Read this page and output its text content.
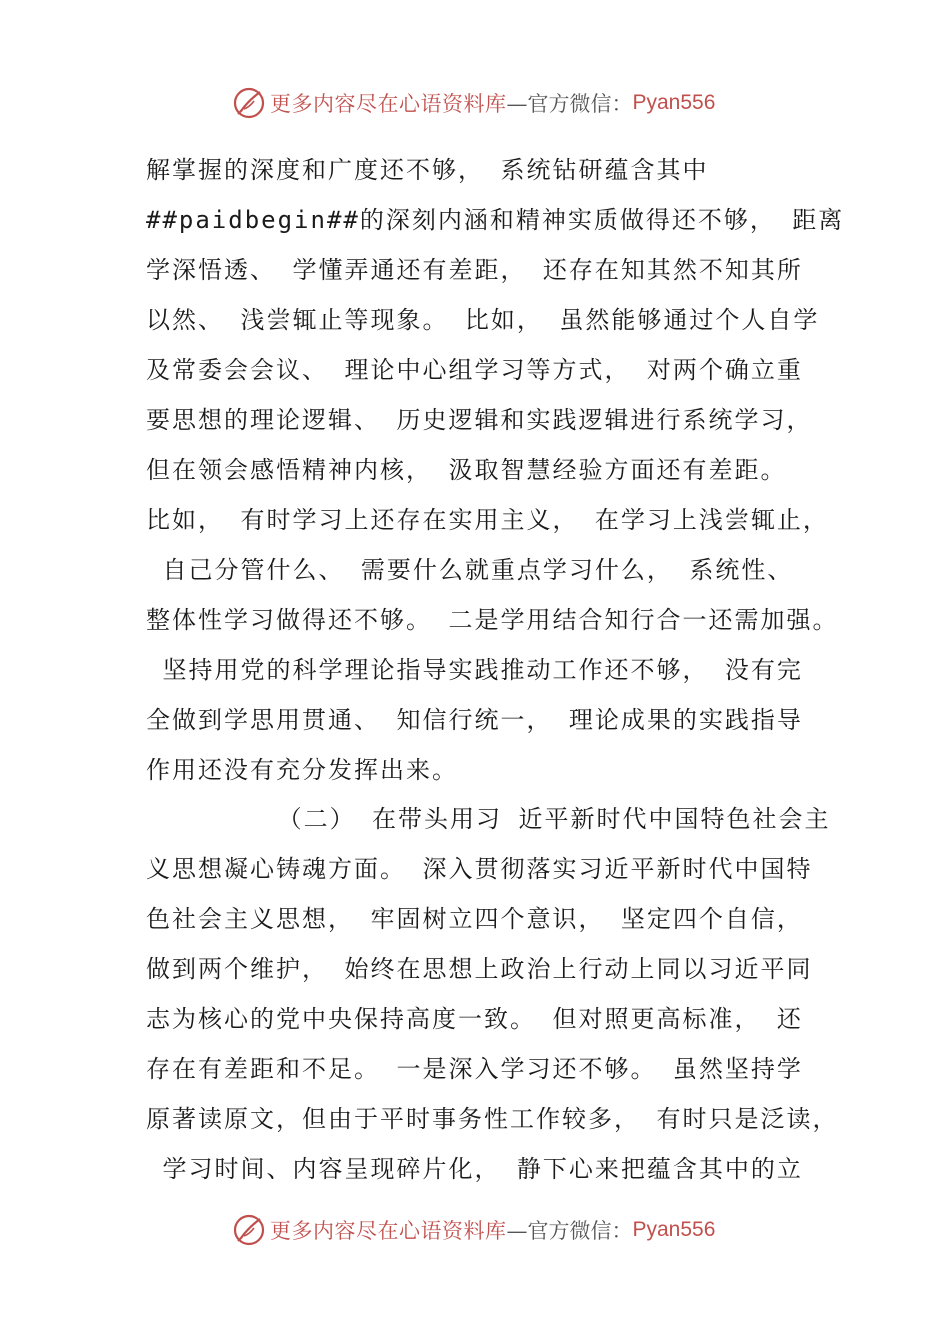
更多内容尽在心语资料库 —官方微信： Pyan556
解掌握的深度和广度还不够， 系统钻研蕴含其中
##paidbegin##的深刻内涵和精神实质做得还不够， 距离
学深悟透、 学懂弄通还有差距， 还存在知其然不知其所
以然、 浅尝辄止等现象。 比如， 虽然能够通过个人自学
及常委会会议、 理论中心组学习等方式， 对两个确立重
要思想的理论逻辑、 历史逻辑和实践逻辑进行系统学习，
但在领会感悟精神内核， 汲取智慧经验方面还有差距。
比如， 有时学习上还存在实用主义， 在学习上浅尝辄止，
自己分管什么、 需要什么就重点学习什么， 系统性、
整体性学习做得还不够。 二是学用结合知行合一还需加强。
坚持用党的科学理论指导实践推动工作还不够， 没有完
全做到学思用贯通、 知信行统一， 理论成果的实践指导
作用还没有充分发挥出来。
（二） 在带头用习 近平新时代中国特色社会主
义思想凝心铸魂方面。 深入贯彻落实习近平新时代中国特
色社会主义思想， 牢固树立四个意识， 坚定四个自信，
做到两个维护， 始终在思想上政治上行动上同以习近平同
志为核心的党中央保持高度一致。 但对照更高标准， 还
存在有差距和不足。 一是深入学习还不够。 虽然坚持学
原著读原文，但由于平时事务性工作较多， 有时只是泛读，
学习时间、内容呈现碎片化， 静下心来把蕴含其中的立
更多内容尽在心语资料库 —官方微信： Pyan556
